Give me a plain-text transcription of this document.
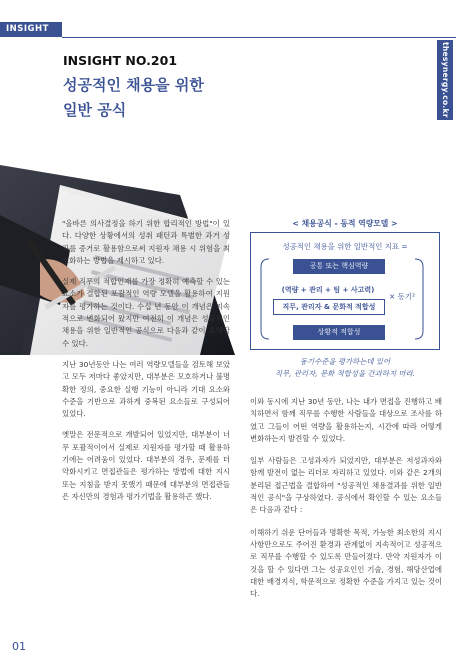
INSIGHT
thesynergy.co.kr
INSIGHT NO.201
성공적인 채용을 위한
일반 공식

"올바른 의사결정을 하기 위한 합리적인 방법"이 있다. 다양한 상황에서의 성취 패턴과 특별한 과거 성과를 증거로 활용함으로써 지원자 채용 시 위험을 최소화하는 방법을 제시하고 있다.

실제 직무의 적합인재를 가장 정확히 예측할 수 있는 요소가 결합된 포괄적인 역량 모델을 활용하여 지원자를 평가하는 것이다. 수십 년 동안 이 개념은 지속적으로 변화되어 왔지만 여전히 이 개념은 성공적인 채용을 위한 일반적인 공식으로 다음과 같이 요약할 수 있다.

지난 30년동안 나는 여러 역량모델들을 검토해 보았고 모두 저마다 좋았지만, 대부분은 모호하거나 불명확한 정의, 중요한 실행 기능이 아니라 기대 요소와 수준을 기반으로 과하게 중복된 요소들로 구성되어 있었다.

옛말은 전문적으로 개발되어 있었지만, 대부분이 너무 포괄적이어서 실제로 지원자를 평가할 때 활용하기에는 어려움이 있었다. 대부분의 경우, 문제를 더 악화시키고 면접관들은 평가하는 방법에 대한 지시 또는 지침을 받지 못했기 때문에 대부분의 면접관들은 자신만의 경험과 평가기법을 활용하곤 했다.

< 채용공식 - 동적 역량모델 >
성공적인 채용을 위한 일반적인 지표 =
공통 또는 핵심역량
(역량 + 관리 + 팀 + 사고력)
직무, 관리자 & 문화적 적합성
× 동기²
상황적 적합성
동기수준을 평가하는데 있어
직무, 관리자, 문화 적합성을 간과하지 마라.

이와 동시에 지난 30년 동안, 나는 내가 면접을 진행하고 배치하면서 함께 직무를 수행한 사람들을 대상으로 조사를 하였고 그들이 어떤 역량을 활용하는지, 시간에 따라 어떻게 변화하는지 발견할 수 있었다.

일부 사람들은 고성과자가 되었지만, 대부분은 저성과자와 함께 발전이 없는 리더로 자리하고 있었다. 이와 같은 2개의 분리된 접근법을 결합하여 "성공적인 채용결과를 위한 일반적인 공식"을 구상하였다. 공식에서 확인할 수 있는 요소들은 다음과 같다 :

이해하기 쉬운 단어들과 명확한 목적, 가능한 최소한의 지시사항만으로도 주어진 환경과 관계없이 지속적이고 성공적으로 직무를 수행할 수 있도록 만들어졌다. 만약 지원자가 이것을 할 수 있다면 그는 성공요인인 기술, 경험, 해당산업에 대한 배경지식, 학문적으로 정확한 수준을 가지고 있는 것이다.

01
